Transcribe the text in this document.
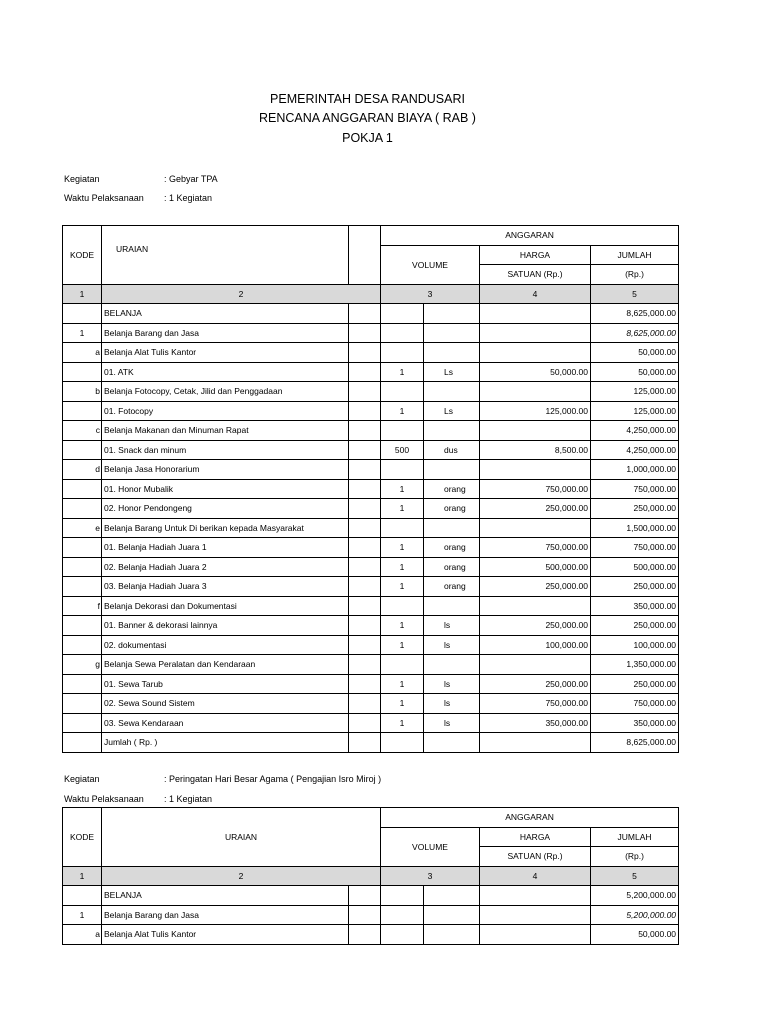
PEMERINTAH DESA RANDUSARI
RENCANA ANGGARAN BIAYA ( RAB )
POKJA 1
Kegiatan	: Gebyar TPA
Waktu Pelaksanaan : 1 Kegiatan
KODE	URAIAN		ANGGARAN			
			VOLUME		HARGA	JUMLAH
					SATUAN (Rp.)	(Rp.)
1	2		3		4	5
	BELANJA					8,625,000.00
1	Belanja Barang dan Jasa					8,625,000.00
a	Belanja Alat Tulis Kantor					50,000.00
	01. ATK		1	Ls	50,000.00	50,000.00
b	Belanja Fotocopy, Cetak, Jilid dan Penggadaan					125,000.00
	01. Fotocopy		1	Ls	125,000.00	125,000.00
c	Belanja Makanan dan Minuman Rapat					4,250,000.00
	01. Snack dan minum		500	dus	8,500.00	4,250,000.00
d	Belanja Jasa Honorarium					1,000,000.00
	01. Honor Mubalik		1	orang	750,000.00	750,000.00
	02. Honor Pendongeng		1	orang	250,000.00	250,000.00
e	Belanja Barang Untuk Di berikan kepada Masyarakat					1,500,000.00
	01. Belanja Hadiah Juara 1		1	orang	750,000.00	750,000.00
	02. Belanja Hadiah Juara 2		1	orang	500,000.00	500,000.00
	03. Belanja Hadiah Juara 3		1	orang	250,000.00	250,000.00
f	Belanja Dekorasi dan Dokumentasi					350,000.00
	01. Banner & dekorasi lainnya		1	ls	250,000.00	250,000.00
	02. dokumentasi		1	ls	100,000.00	100,000.00
g	Belanja Sewa Peralatan dan Kendaraan					1,350,000.00
	01. Sewa Tarub		1	ls	250,000.00	250,000.00
	02. Sewa Sound Sistem		1	ls	750,000.00	750,000.00
	03. Sewa Kendaraan		1	ls	350,000.00	350,000.00
	Jumlah ( Rp. )					8,625,000.00
Kegiatan	: Peringatan Hari Besar Agama ( Pengajian Isro Miroj )
Waktu Pelaksanaan : 1 Kegiatan
KODE	URAIAN		ANGGARAN			
			VOLUME		HARGA	JUMLAH
					SATUAN (Rp.)	(Rp.)
1	2		3		4	5
	BELANJA					5,200,000.00
1	Belanja Barang dan Jasa					5,200,000.00
a	Belanja Alat Tulis Kantor					50,000.00
